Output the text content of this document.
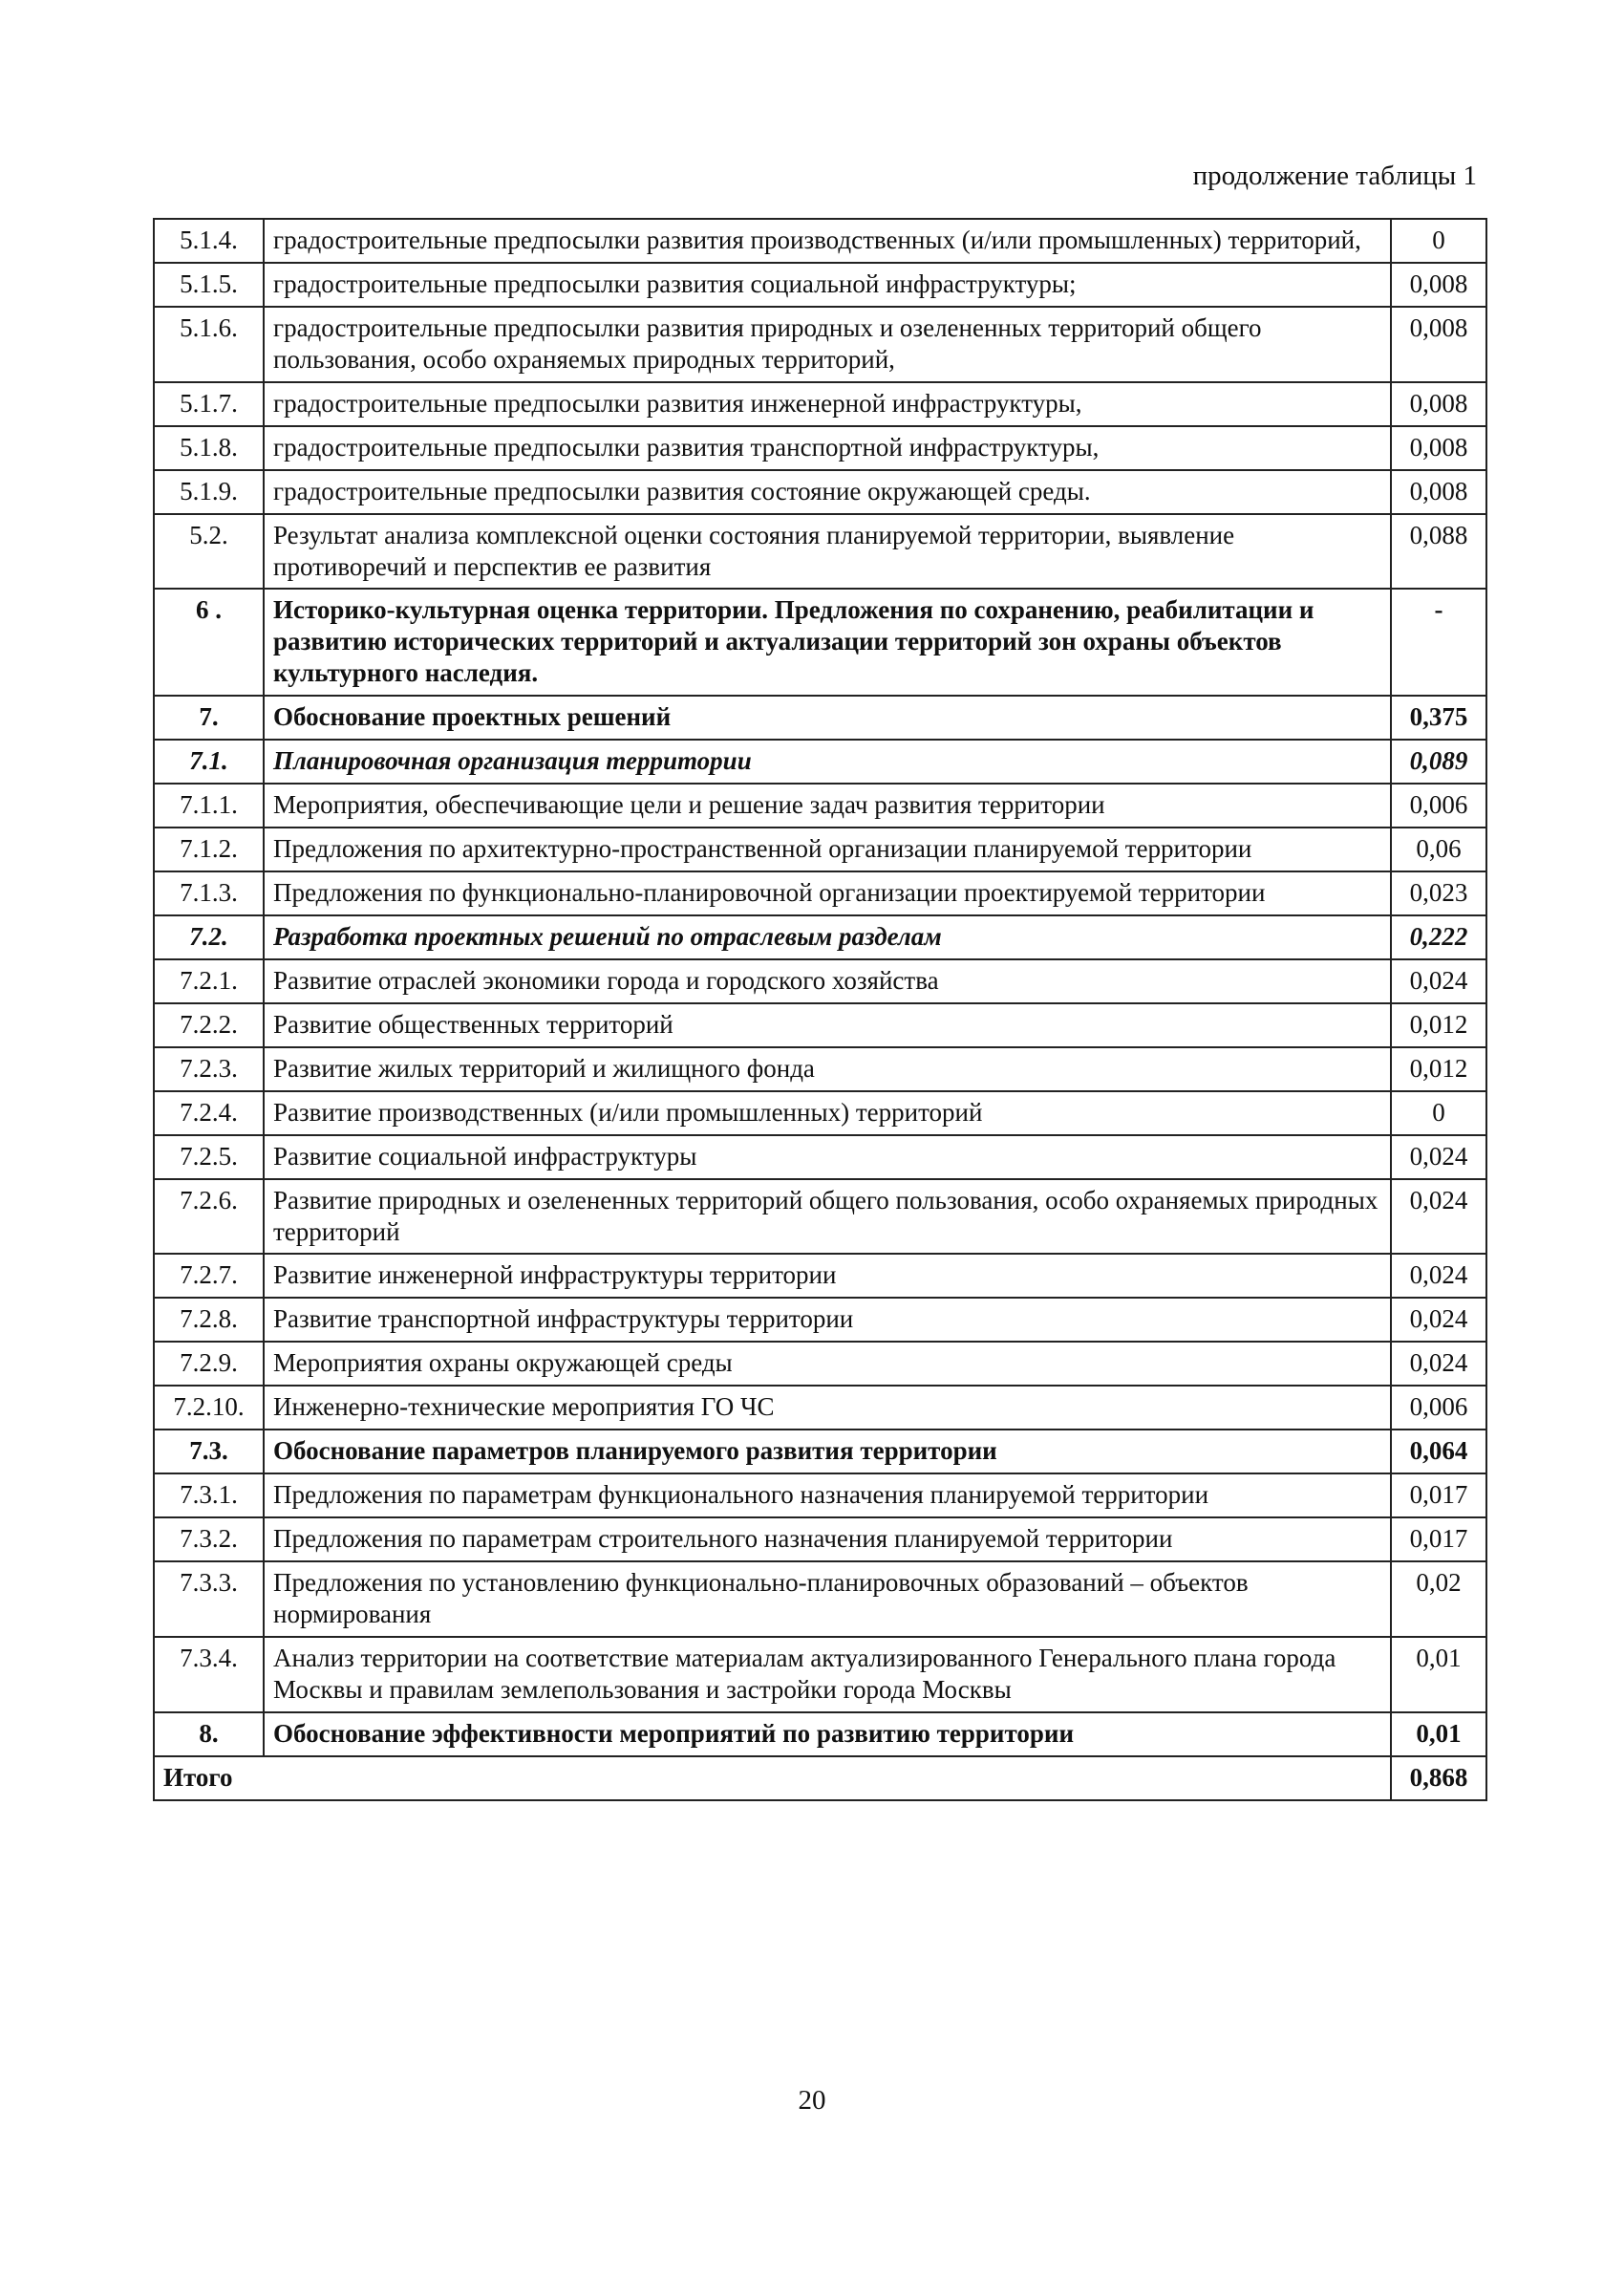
продолжение таблицы 1
5.1.4.	градостроительные предпосылки развития производственных (и/или промышленных) территорий,	0
5.1.5.	градостроительные предпосылки развития социальной инфраструктуры;	0,008
5.1.6.	градостроительные предпосылки развития природных и озелененных территорий общего пользования, особо охраняемых природных территорий,	0,008
5.1.7.	градостроительные предпосылки развития инженерной инфраструктуры,	0,008
5.1.8.	градостроительные предпосылки развития транспортной инфраструктуры,	0,008
5.1.9.	градостроительные предпосылки развития состояние окружающей среды.	0,008
5.2.	Результат анализа комплексной оценки состояния планируемой территории, выявление противоречий и перспектив ее развития	0,088
6 .	Историко-культурная оценка территории. Предложения по сохранению, реабилитации и развитию исторических территорий и актуализации территорий зон охраны объектов культурного наследия.	-
7.	Обоснование проектных решений	0,375
7.1.	Планировочная организация территории	0,089
7.1.1.	Мероприятия, обеспечивающие цели и решение задач развития территории	0,006
7.1.2.	Предложения по архитектурно-пространственной организации планируемой территории	0,06
7.1.3.	Предложения по функционально-планировочной организации проектируемой территории	0,023
7.2.	Разработка проектных решений по отраслевым разделам	0,222
7.2.1.	Развитие отраслей экономики города и городского хозяйства	0,024
7.2.2.	Развитие общественных территорий	0,012
7.2.3.	Развитие жилых территорий и жилищного фонда	0,012
7.2.4.	Развитие производственных (и/или промышленных) территорий	0
7.2.5.	Развитие социальной инфраструктуры	0,024
7.2.6.	Развитие природных и озелененных территорий общего пользования, особо охраняемых природных территорий	0,024
7.2.7.	Развитие инженерной инфраструктуры территории	0,024
7.2.8.	Развитие транспортной инфраструктуры территории	0,024
7.2.9.	Мероприятия охраны окружающей среды	0,024
7.2.10.	Инженерно-технические мероприятия ГО ЧС	0,006
7.3.	Обоснование параметров планируемого развития территории	0,064
7.3.1.	Предложения по параметрам функционального назначения планируемой территории	0,017
7.3.2.	Предложения по параметрам строительного назначения планируемой территории	0,017
7.3.3.	Предложения по установлению функционально-планировочных образований – объектов нормирования	0,02
7.3.4.	Анализ территории на соответствие материалам актуализированного Генерального плана города Москвы и правилам землепользования и застройки города Москвы	0,01
8.	Обоснование эффективности мероприятий по развитию территории	0,01
Итого		0,868
20
